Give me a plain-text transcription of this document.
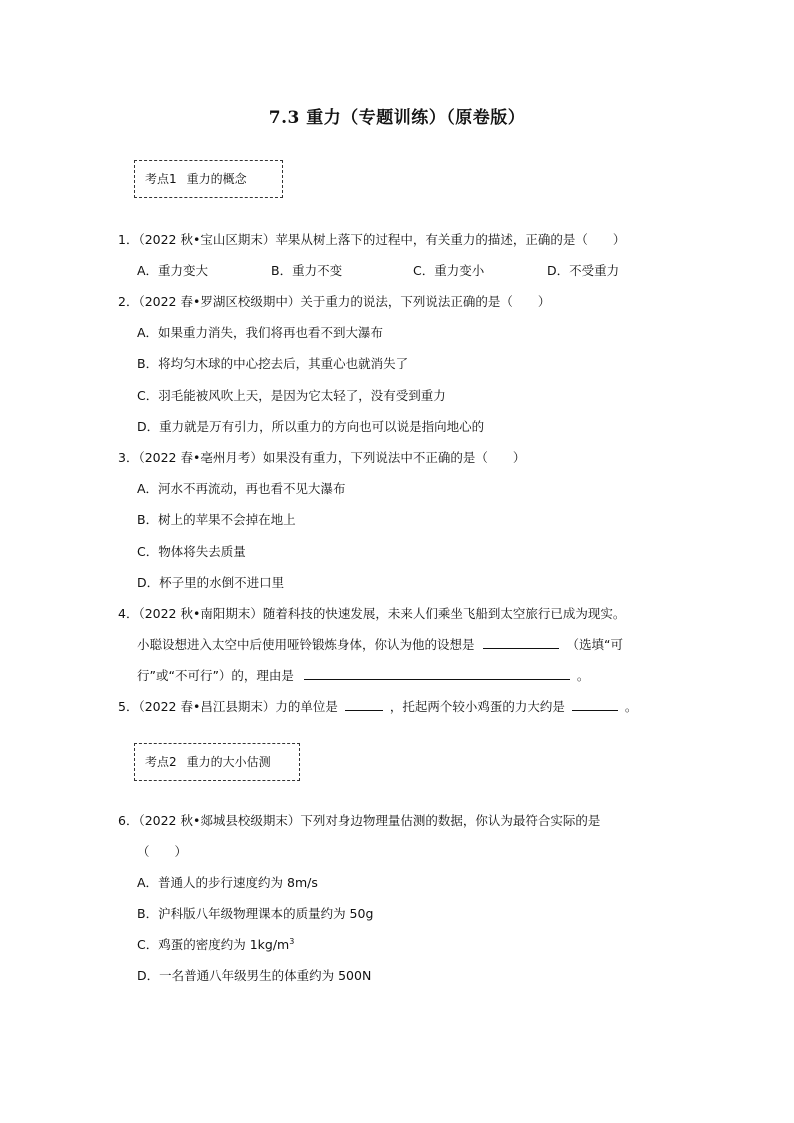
7.3 重力（专题训练）（原卷版）
考点1 重力的概念
1．（2022 秋•宝山区期末）苹果从树上落下的过程中，有关重力的描述，正确的是（　　）
A．重力变大	B．重力不变	C．重力变小	D．不受重力
2．（2022 春•罗湖区校级期中）关于重力的说法，下列说法正确的是（　　）
A．如果重力消失，我们将再也看不到大瀑布
B．将均匀木球的中心挖去后，其重心也就消失了
C．羽毛能被风吹上天，是因为它太轻了，没有受到重力
D．重力就是万有引力，所以重力的方向也可以说是指向地心的
3．（2022 春•亳州月考）如果没有重力，下列说法中不正确的是（　　）
A．河水不再流动，再也看不见大瀑布
B．树上的苹果不会掉在地上
C．物体将失去质量
D．杯子里的水倒不进口里
4．（2022 秋•南阳期末）随着科技的快速发展，未来人们乘坐飞船到太空旅行已成为现实。
小聪设想进入太空中后使用哑铃锻炼身体，你认为他的设想是	（选填“可
行”或“不可行”）的，理由是	。
5．（2022 春•昌江县期末）力的单位是	，托起两个较小鸡蛋的力大约是	。
考点2 重力的大小估测
6．（2022 秋•郯城县校级期末）下列对身边物理量估测的数据，你认为最符合实际的是
（　　）
A．普通人的步行速度约为 8m/s
B．沪科版八年级物理课本的质量约为 50g
C．鸡蛋的密度约为 $1kg/m^3$
D．一名普通八年级男生的体重约为 500N
